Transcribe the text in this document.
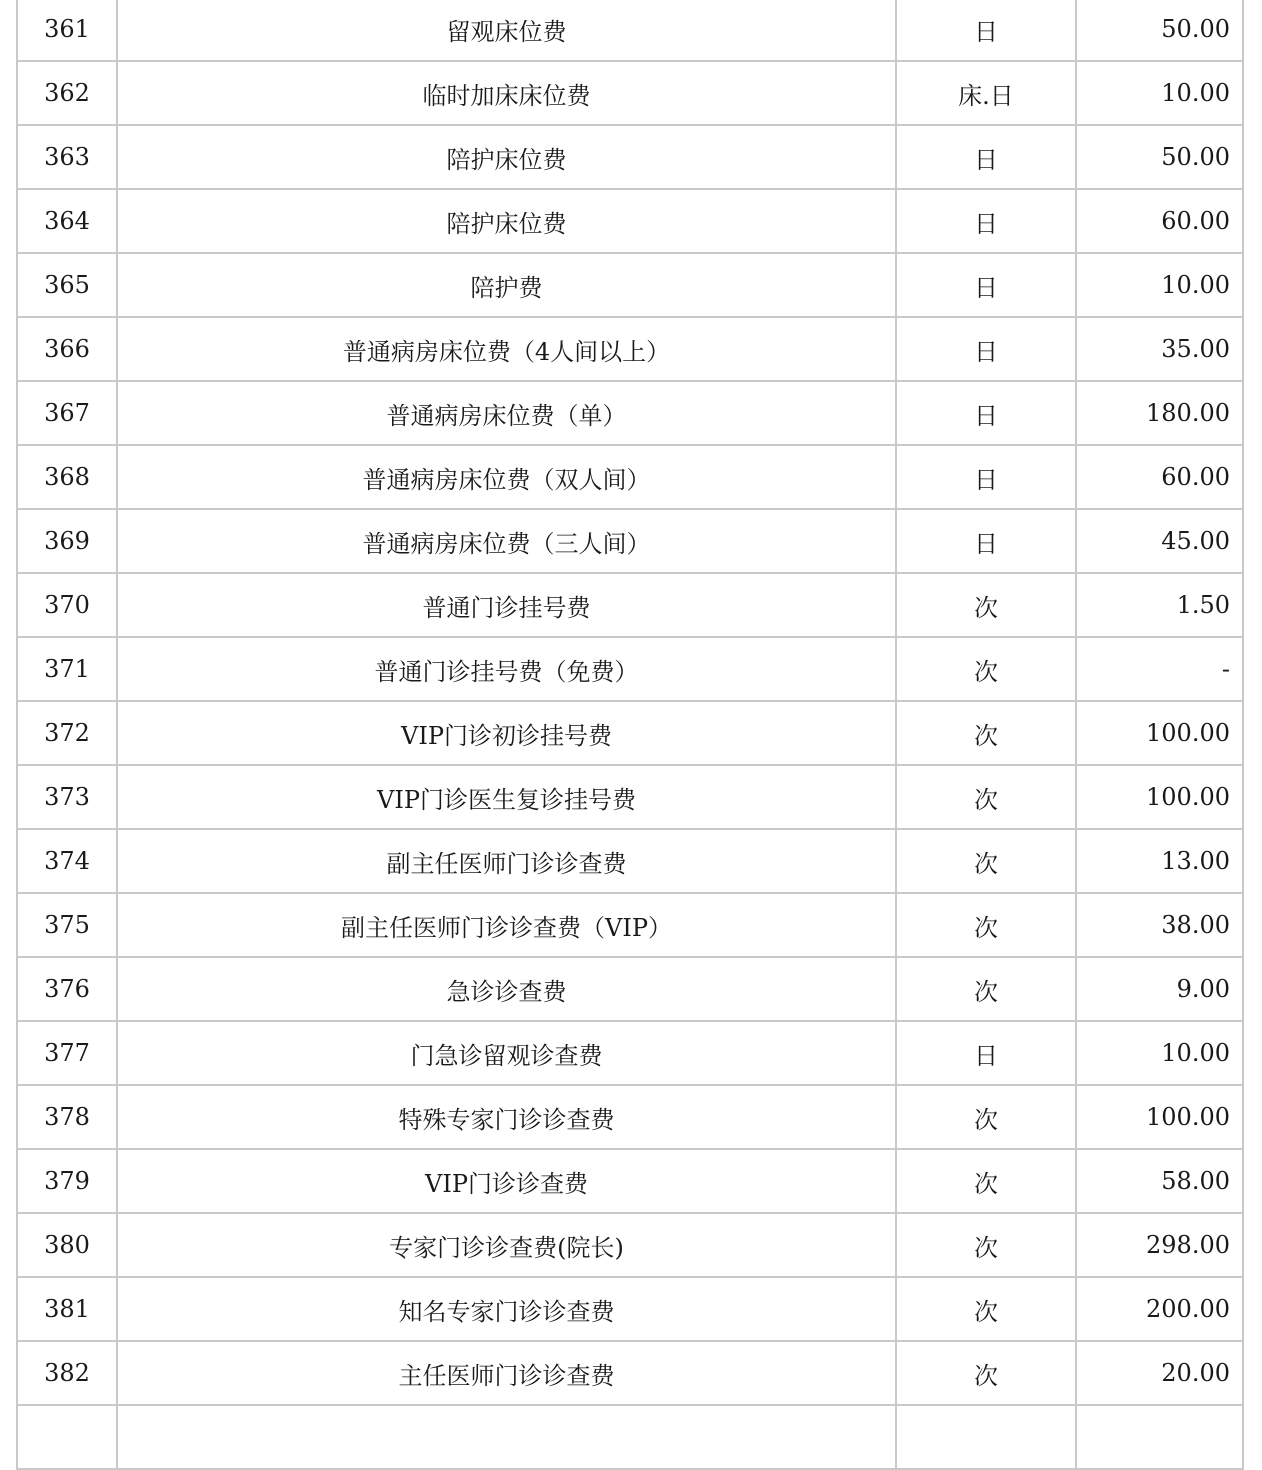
361	留观床位费	日	50.00
362	临时加床床位费	床.日	10.00
363	陪护床位费	日	50.00
364	陪护床位费	日	60.00
365	陪护费	日	10.00
366	普通病房床位费（4人间以上）	日	35.00
367	普通病房床位费（单）	日	180.00
368	普通病房床位费（双人间）	日	60.00
369	普通病房床位费（三人间）	日	45.00
370	普通门诊挂号费	次	1.50
371	普通门诊挂号费（免费）	次	-
372	VIP门诊初诊挂号费	次	100.00
373	VIP门诊医生复诊挂号费	次	100.00
374	副主任医师门诊诊查费	次	13.00
375	副主任医师门诊诊查费（VIP）	次	38.00
376	急诊诊查费	次	9.00
377	门急诊留观诊查费	日	10.00
378	特殊专家门诊诊查费	次	100.00
379	VIP门诊诊查费	次	58.00
380	专家门诊诊查费(院长)	次	298.00
381	知名专家门诊诊查费	次	200.00
382	主任医师门诊诊查费	次	20.00
